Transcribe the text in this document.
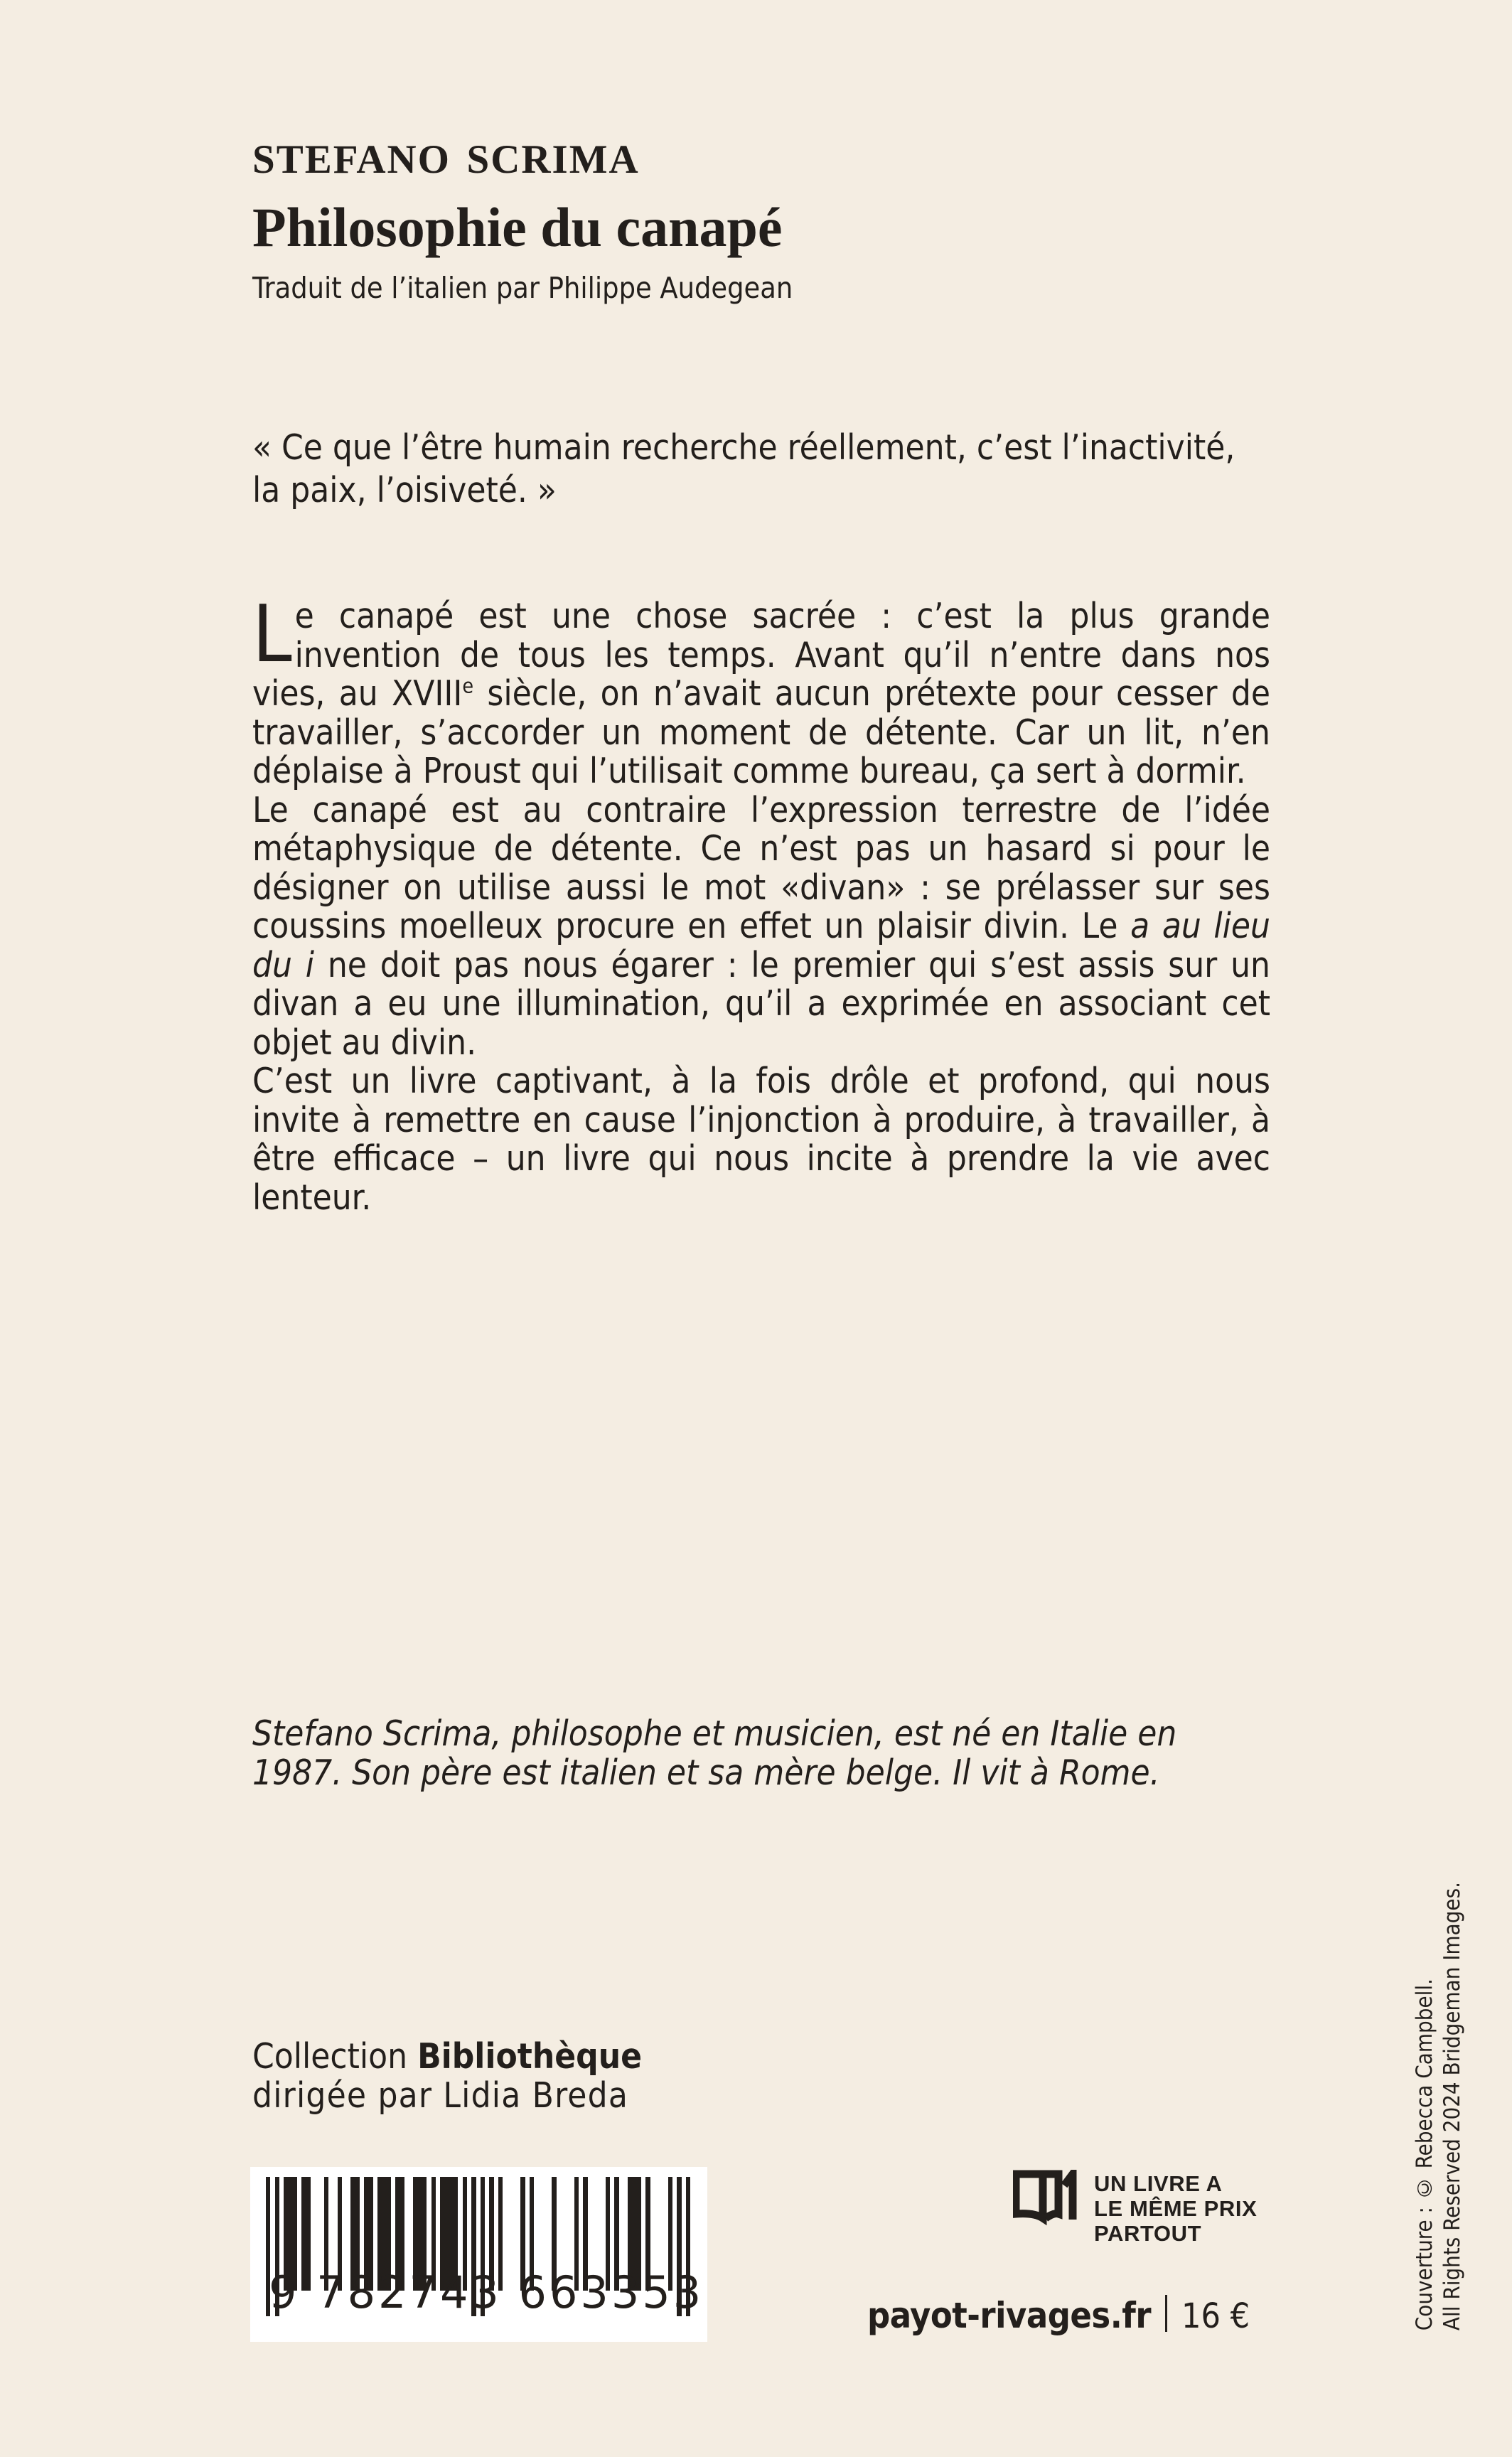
stefano scrima
Philosophie du canapé

Traduit de l’italien par Philippe Audegean

« Ce que l’être humain recherche réellement, c’est l’inactivité, la paix, l’oisiveté. »

Le canapé est une chose sacrée : c’est la plus grande invention de tous les temps. Avant qu’il n’entre dans nos vies, au XVIIIe siècle, on n’avait aucun prétexte pour cesser de travailler, s’accorder un moment de détente. Car un lit, n’en déplaise à Proust qui l’utilisait comme bureau, ça sert à dormir.

Le canapé est au contraire l’expression terrestre de l’idée métaphysique de détente. Ce n’est pas un hasard si pour le désigner on utilise aussi le mot «divan» : se prélasser sur ses coussins moelleux procure en effet un plaisir divin. Le a au lieu du i ne doit pas nous égarer : le premier qui s’est assis sur un divan a eu une illumination, qu’il a exprimée en associant cet objet au divin.

C’est un livre captivant, à la fois drôle et profond, qui nous invite à remettre en cause l’injonction à produire, à travailler, à être efficace – un livre qui nous incite à prendre la vie avec lenteur.

Stefano Scrima, philosophe et musicien, est né en Italie en 1987. Son père est italien et sa mère belge. Il vit à Rome.

Collection Bibliothèque
dirigée par Lidia Breda
9 782743 663353
UN LIVRE A
LE MÊME PRIX
PARTOUT
payot-rivages.fr 16 €	Couverture : © Rebecca Campbell. All Rights Reserved 2024 Bridgeman Images.
